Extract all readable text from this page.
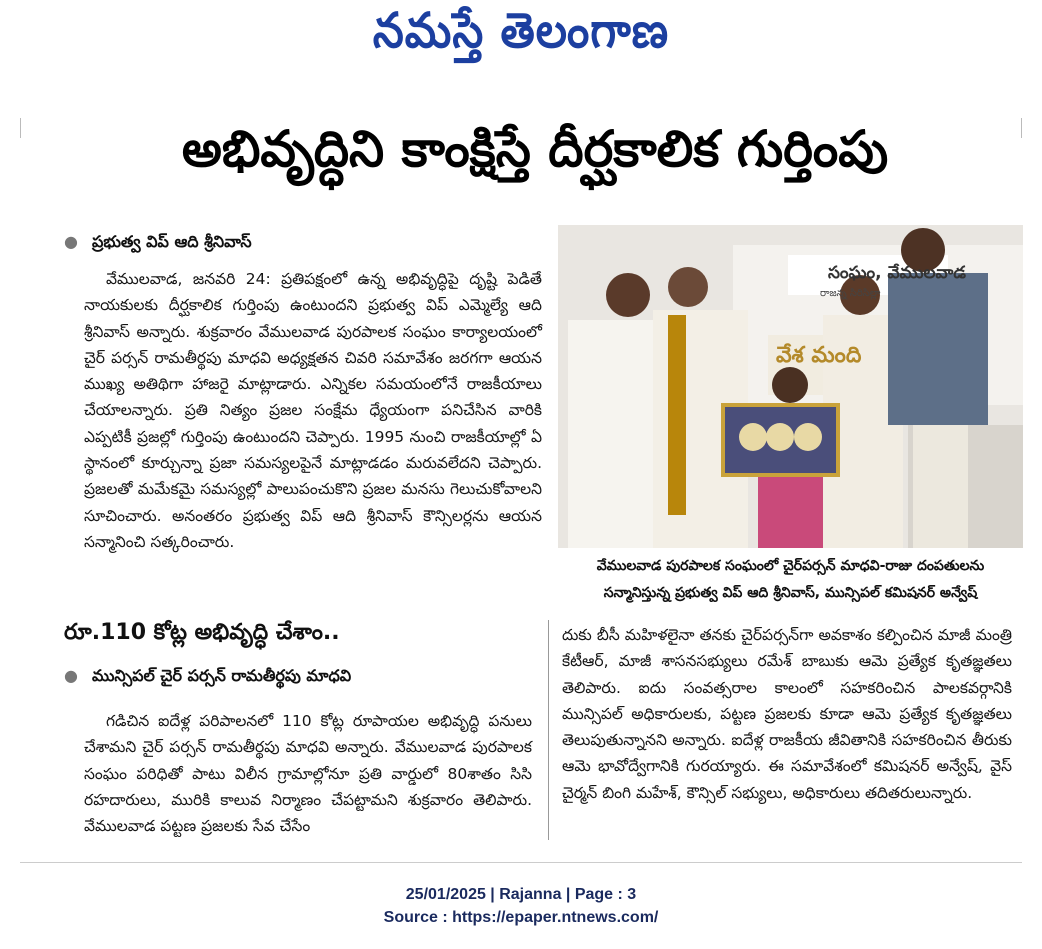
నమస్తే తెలంగాణ
అభివృద్ధిని కాంక్షిస్తే దీర్ఘకాలిక గుర్తింపు
● ప్రభుత్వ విప్ ఆది శ్రీనివాస్

వేములవాడ, జనవరి 24: ప్రతిపక్షంలో ఉన్న అభివృద్ధిపై దృష్టి పెడితే నాయకులకు దీర్ఘకాలిక గుర్తింపు ఉంటుందని ప్రభుత్వ విప్ ఎమ్మెల్యే ఆది శ్రీనివాస్ అన్నారు. శుక్రవారం వేములవాడ పురపాలక సంఘం కార్యాలయంలో చైర్ పర్సన్ రామతీర్థపు మాధవి అధ్యక్షతన చివరి సమావేశం జరగగా ఆయన ముఖ్య అతిథిగా హాజరై మాట్లాడారు. ఎన్నికల సమయంలోనే రాజకీయాలు చేయాలన్నారు. ప్రతి నిత్యం ప్రజల సంక్షేమ ధ్యేయంగా పనిచేసిన వారికి ఎప్పటికీ ప్రజల్లో గుర్తింపు ఉంటుందని చెప్పారు. 1995 నుంచి రాజకీయాల్లో ఏ స్థానంలో కూర్చున్నా ప్రజా సమస్యలపైనే మాట్లాడడం మరువలేదని చెప్పారు. ప్రజలతో మమేకమై సమస్యల్లో పాలుపంచుకొని ప్రజల మనసు గెలుచుకోవాలని సూచించారు. అనంతరం ప్రభుత్వ విప్ ఆది శ్రీనివాస్ కౌన్సిలర్లను ఆయన సన్మానించి సత్కరించారు.

రూ.110 కోట్ల అభివృద్ధి చేశాం..
● మున్సిపల్ చైర్ పర్సన్ రామతీర్థపు మాధవి

గడిచిన ఐదేళ్ల పరిపాలనలో 110 కోట్ల రూపాయల అభివృద్ధి పనులు చేశామని చైర్ పర్సన్ రామతీర్థపు మాధవి అన్నారు. వేములవాడ పురపాలక సంఘం పరిధితో పాటు విలీన గ్రామాల్లోనూ ప్రతి వార్డులో 80శాతం సిసి రహదారులు, మురికి కాలువ నిర్మాణం చేపట్టామని శుక్రవారం తెలిపారు. వేములవాడ పట్టణ ప్రజలకు సేవ చేసేం

సంఘం, వేములవాడ
రాజన్న సిరిసిల్లా
వేశ మంది
వేములవాడ పురపాలక సంఘంలో చైర్‌పర్సన్ మాధవి-రాజు దంపతులను
సన్మానిస్తున్న ప్రభుత్వ విప్ ఆది శ్రీనివాస్, మున్సిపల్ కమిషనర్ అన్వేష్

దుకు బీసీ మహిళలైనా తనకు చైర్‌పర్సన్‌గా అవకాశం కల్పించిన మాజీ మంత్రి కేటీఆర్, మాజీ శాసనసభ్యులు రమేశ్ బాబుకు ఆమె ప్రత్యేక కృతజ్ఞతలు తెలిపారు. ఐదు సంవత్సరాల కాలంలో సహకరించిన పాలకవర్గానికి మున్సిపల్ అధికారులకు, పట్టణ ప్రజలకు కూడా ఆమె ప్రత్యేక కృతజ్ఞతలు తెలుపుతున్నానని అన్నారు. ఐదేళ్ల రాజకీయ జీవితానికి సహకరించిన తీరుకు ఆమె భావోద్వేగానికి గురయ్యారు. ఈ సమావేశంలో కమిషనర్ అన్వేష్, వైస్ చైర్మన్ బింగి మహేశ్, కౌన్సిల్ సభ్యులు, అధికారులు తదితరులున్నారు.

25/01/2025 | Rajanna | Page : 3
Source : https://epaper.ntnews.com/
